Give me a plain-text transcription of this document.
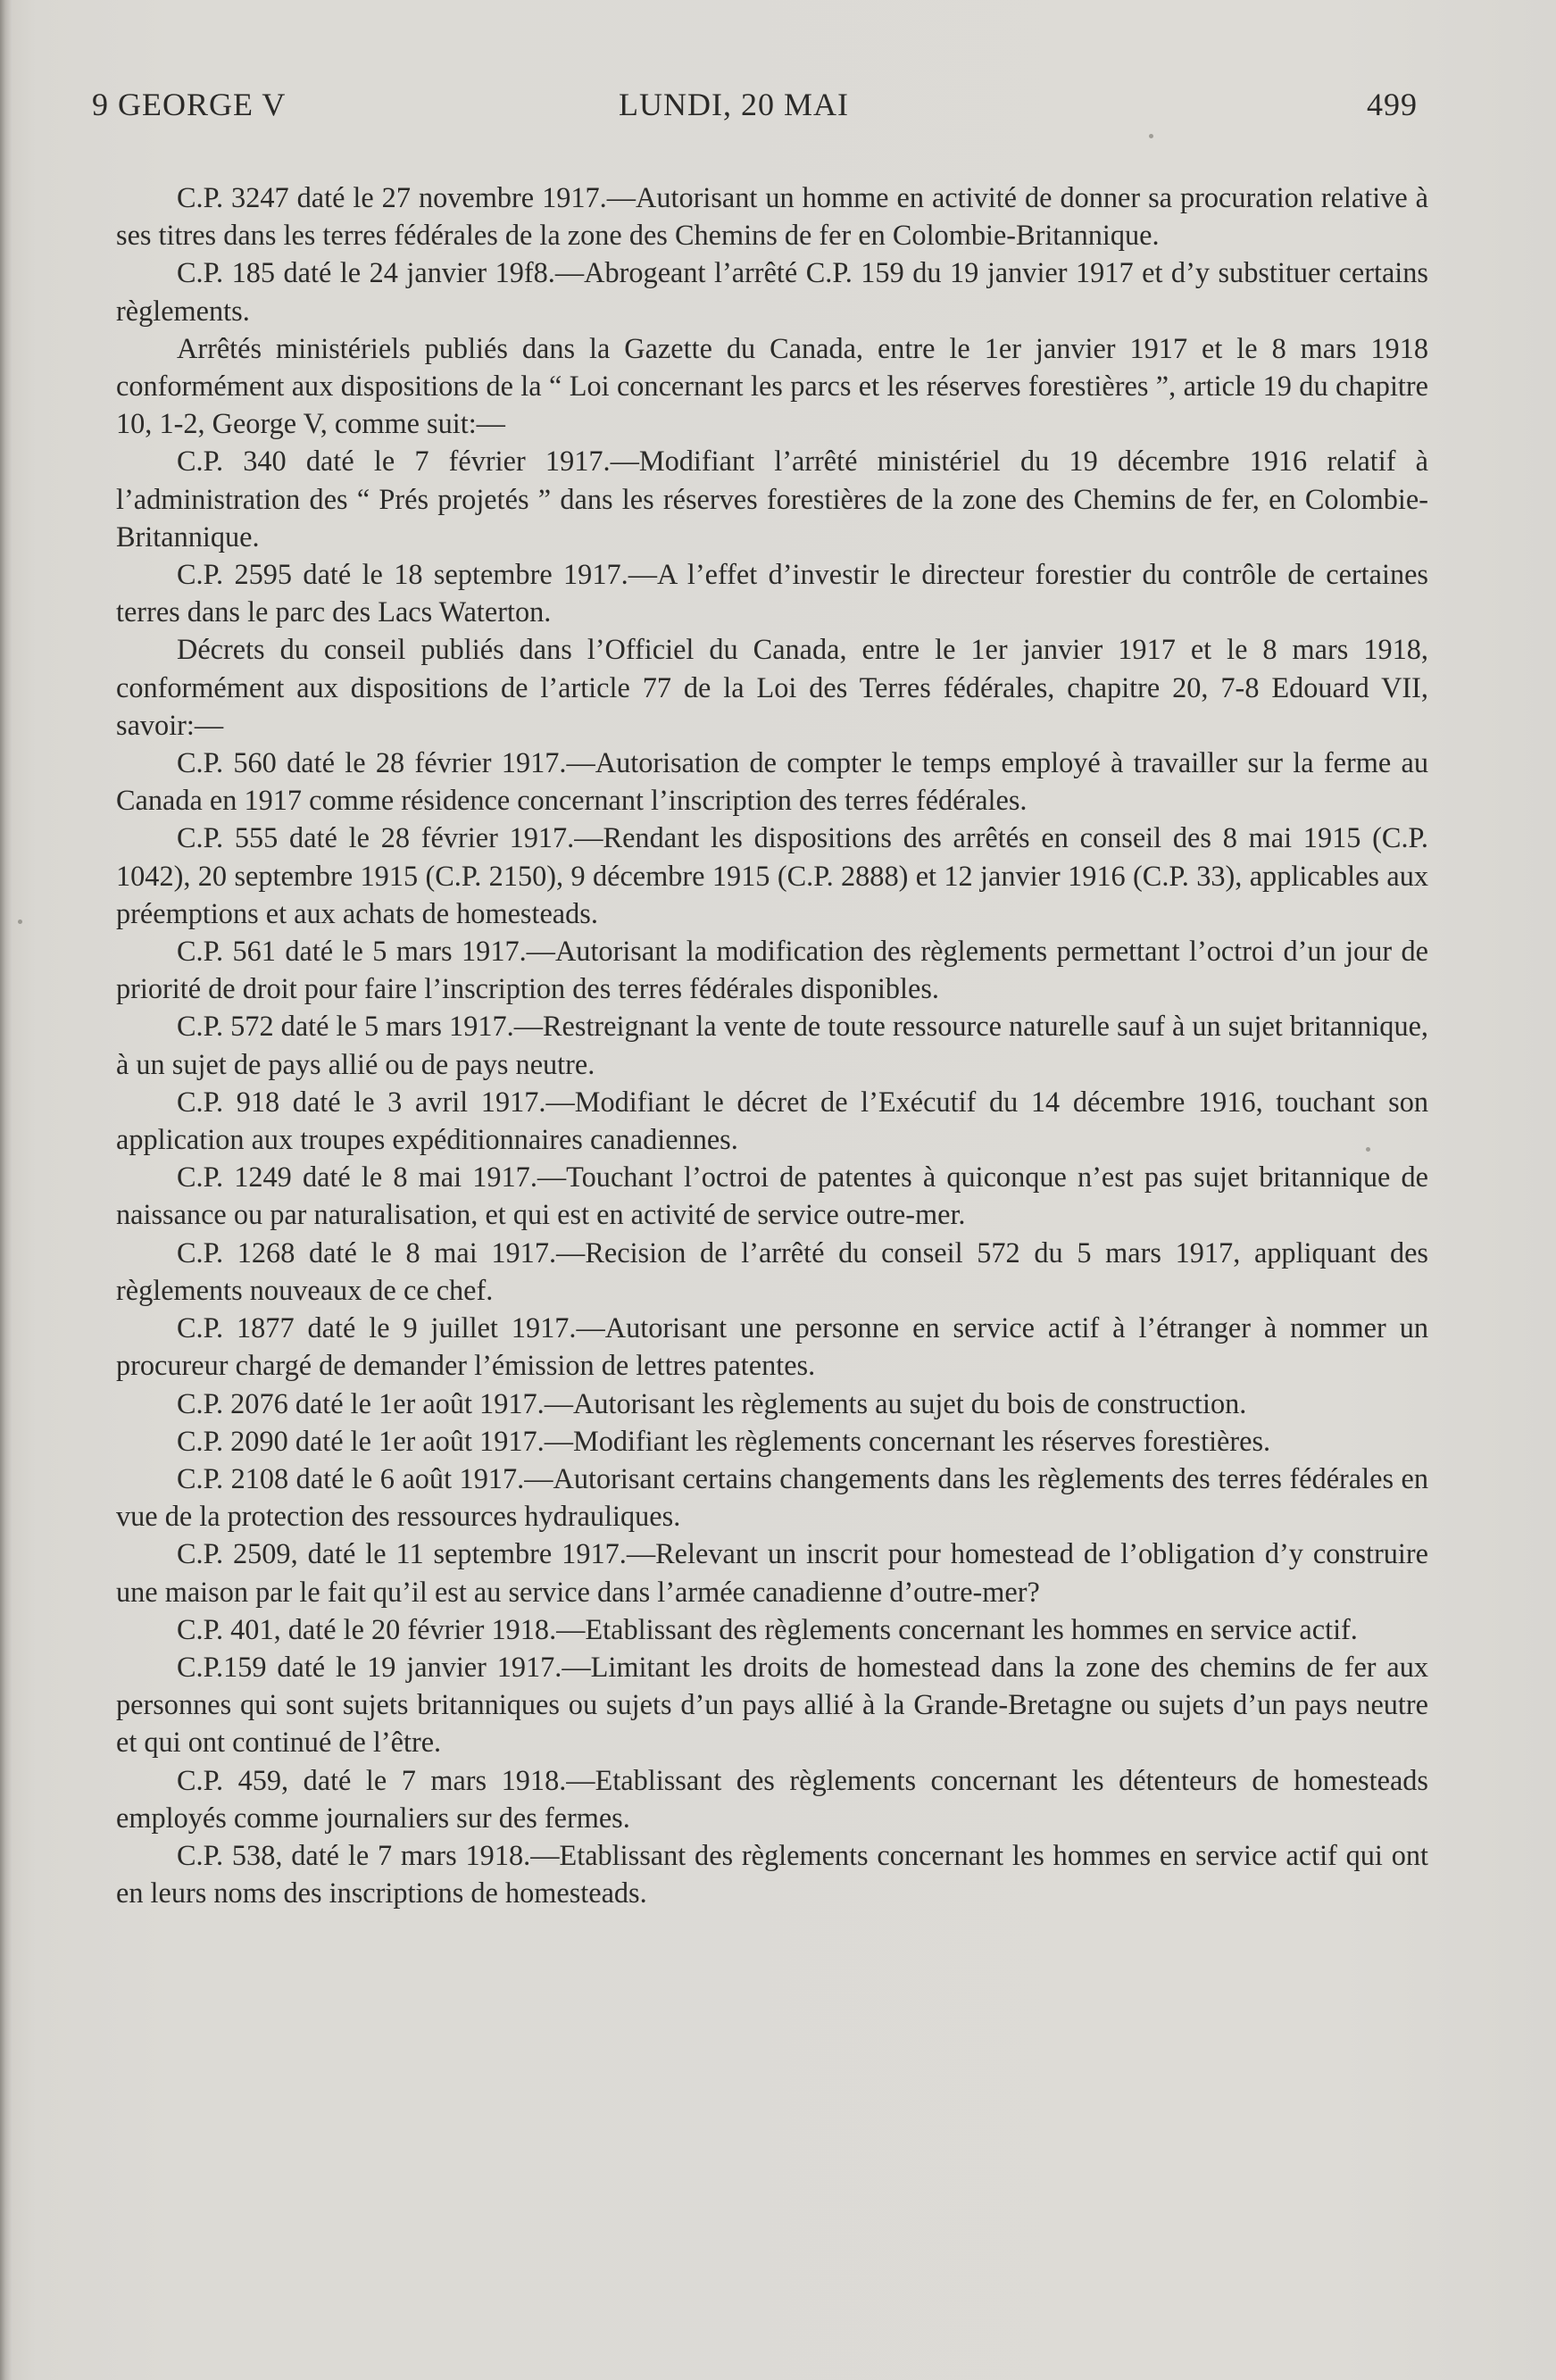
9 GEORGE V	LUNDI, 20 MAI	499

C.P. 3247 daté le 27 novembre 1917.—Autorisant un homme en activité de donner sa procuration relative à ses titres dans les terres fédérales de la zone des Chemins de fer en Colombie-Britannique.

C.P. 185 daté le 24 janvier 19f8.—Abrogeant l’arrêté C.P. 159 du 19 janvier 1917 et d’y substituer certains règlements.

Arrêtés ministériels publiés dans la Gazette du Canada, entre le 1er janvier 1917 et le 8 mars 1918 conformément aux dispositions de la “ Loi concernant les parcs et les réserves forestières ”, article 19 du chapitre 10, 1-2, George V, comme suit:—

C.P. 340 daté le 7 février 1917.—Modifiant l’arrêté ministériel du 19 décembre 1916 relatif à l’administration des “ Prés projetés ” dans les réserves forestières de la zone des Chemins de fer, en Colombie-Britannique.

C.P. 2595 daté le 18 septembre 1917.—A l’effet d’investir le directeur forestier du contrôle de certaines terres dans le parc des Lacs Waterton.

Décrets du conseil publiés dans l’Officiel du Canada, entre le 1er janvier 1917 et le 8 mars 1918, conformément aux dispositions de l’article 77 de la Loi des Terres fédérales, chapitre 20, 7-8 Edouard VII, savoir:—

C.P. 560 daté le 28 février 1917.—Autorisation de compter le temps employé à travailler sur la ferme au Canada en 1917 comme résidence concernant l’inscription des terres fédérales.

C.P. 555 daté le 28 février 1917.—Rendant les dispositions des arrêtés en conseil des 8 mai 1915 (C.P. 1042), 20 septembre 1915 (C.P. 2150), 9 décembre 1915 (C.P. 2888) et 12 janvier 1916 (C.P. 33), applicables aux préemptions et aux achats de homesteads.

C.P. 561 daté le 5 mars 1917.—Autorisant la modification des règlements permettant l’octroi d’un jour de priorité de droit pour faire l’inscription des terres fédérales disponibles.

C.P. 572 daté le 5 mars 1917.—Restreignant la vente de toute ressource naturelle sauf à un sujet britannique, à un sujet de pays allié ou de pays neutre.

C.P. 918 daté le 3 avril 1917.—Modifiant le décret de l’Exécutif du 14 décembre 1916, touchant son application aux troupes expéditionnaires canadiennes.

C.P. 1249 daté le 8 mai 1917.—Touchant l’octroi de patentes à quiconque n’est pas sujet britannique de naissance ou par naturalisation, et qui est en activité de service outre-mer.

C.P. 1268 daté le 8 mai 1917.—Recision de l’arrêté du conseil 572 du 5 mars 1917, appliquant des règlements nouveaux de ce chef.

C.P. 1877 daté le 9 juillet 1917.—Autorisant une personne en service actif à l’étranger à nommer un procureur chargé de demander l’émission de lettres patentes.

C.P. 2076 daté le 1er août 1917.—Autorisant les règlements au sujet du bois de construction.

C.P. 2090 daté le 1er août 1917.—Modifiant les règlements concernant les réserves forestières.

C.P. 2108 daté le 6 août 1917.—Autorisant certains changements dans les règlements des terres fédérales en vue de la protection des ressources hydrauliques.

C.P. 2509, daté le 11 septembre 1917.—Relevant un inscrit pour homestead de l’obligation d’y construire une maison par le fait qu’il est au service dans l’armée canadienne d’outre-mer?

C.P. 401, daté le 20 février 1918.—Etablissant des règlements concernant les hommes en service actif.

C.P.159 daté le 19 janvier 1917.—Limitant les droits de homestead dans la zone des chemins de fer aux personnes qui sont sujets britanniques ou sujets d’un pays allié à la Grande-Bretagne ou sujets d’un pays neutre et qui ont continué de l’être.

C.P. 459, daté le 7 mars 1918.—Etablissant des règlements concernant les détenteurs de homesteads employés comme journaliers sur des fermes.

C.P. 538, daté le 7 mars 1918.—Etablissant des règlements concernant les hommes en service actif qui ont en leurs noms des inscriptions de homesteads.
